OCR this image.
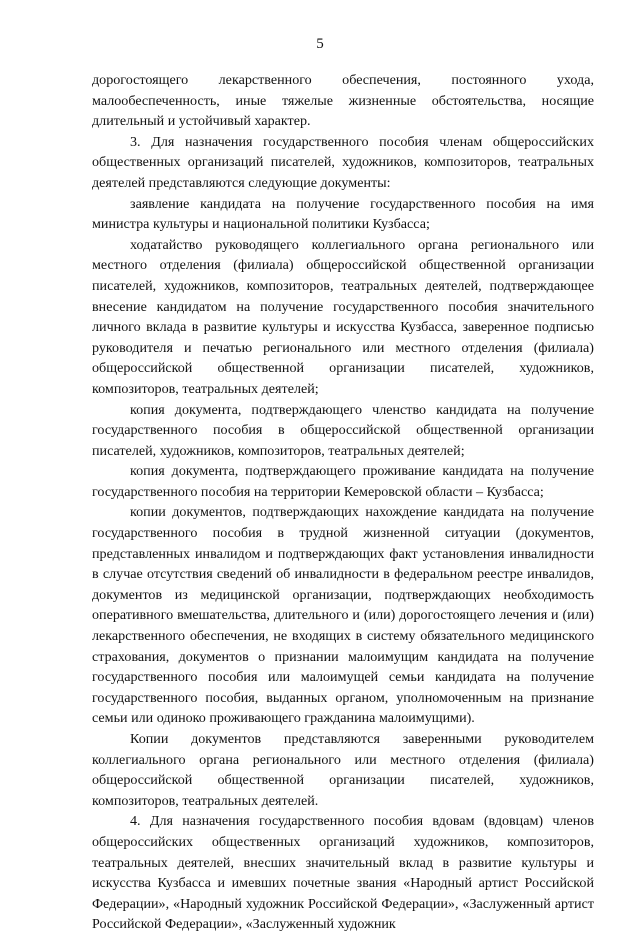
5

дорогостоящего лекарственного обеспечения, постоянного ухода, малообеспеченность, иные тяжелые жизненные обстоятельства, носящие длительный и устойчивый характер.

3. Для назначения государственного пособия членам общероссийских общественных организаций писателей, художников, композиторов, театральных деятелей представляются следующие документы:

заявление кандидата на получение государственного пособия на имя министра культуры и национальной политики Кузбасса;

ходатайство руководящего коллегиального органа регионального или местного отделения (филиала) общероссийской общественной организации писателей, художников, композиторов, театральных деятелей, подтверждающее внесение кандидатом на получение государственного пособия значительного личного вклада в развитие культуры и искусства Кузбасса, заверенное подписью руководителя и печатью регионального или местного отделения (филиала) общероссийской общественной организации писателей, художников, композиторов, театральных деятелей;

копия документа, подтверждающего членство кандидата на получение государственного пособия в общероссийской общественной организации писателей, художников, композиторов, театральных деятелей;

копия документа, подтверждающего проживание кандидата на получение государственного пособия на территории Кемеровской области – Кузбасса;

копии документов, подтверждающих нахождение кандидата на получение государственного пособия в трудной жизненной ситуации (документов, представленных инвалидом и подтверждающих факт установления инвалидности в случае отсутствия сведений об инвалидности в федеральном реестре инвалидов, документов из медицинской организации, подтверждающих необходимость оперативного вмешательства, длительного и (или) дорогостоящего лечения и (или) лекарственного обеспечения, не входящих в систему обязательного медицинского страхования, документов о признании малоимущим кандидата на получение государственного пособия или малоимущей семьи кандидата на получение государственного пособия, выданных органом, уполномоченным на признание семьи или одиноко проживающего гражданина малоимущими).

Копии документов представляются заверенными руководителем коллегиального органа регионального или местного отделения (филиала) общероссийской общественной организации писателей, художников, композиторов, театральных деятелей.

4. Для назначения государственного пособия вдовам (вдовцам) членов общероссийских общественных организаций художников, композиторов, театральных деятелей, внесших значительный вклад в развитие культуры и искусства Кузбасса и имевших почетные звания «Народный артист Российской Федерации», «Народный художник Российской Федерации», «Заслуженный артист Российской Федерации», «Заслуженный художник
